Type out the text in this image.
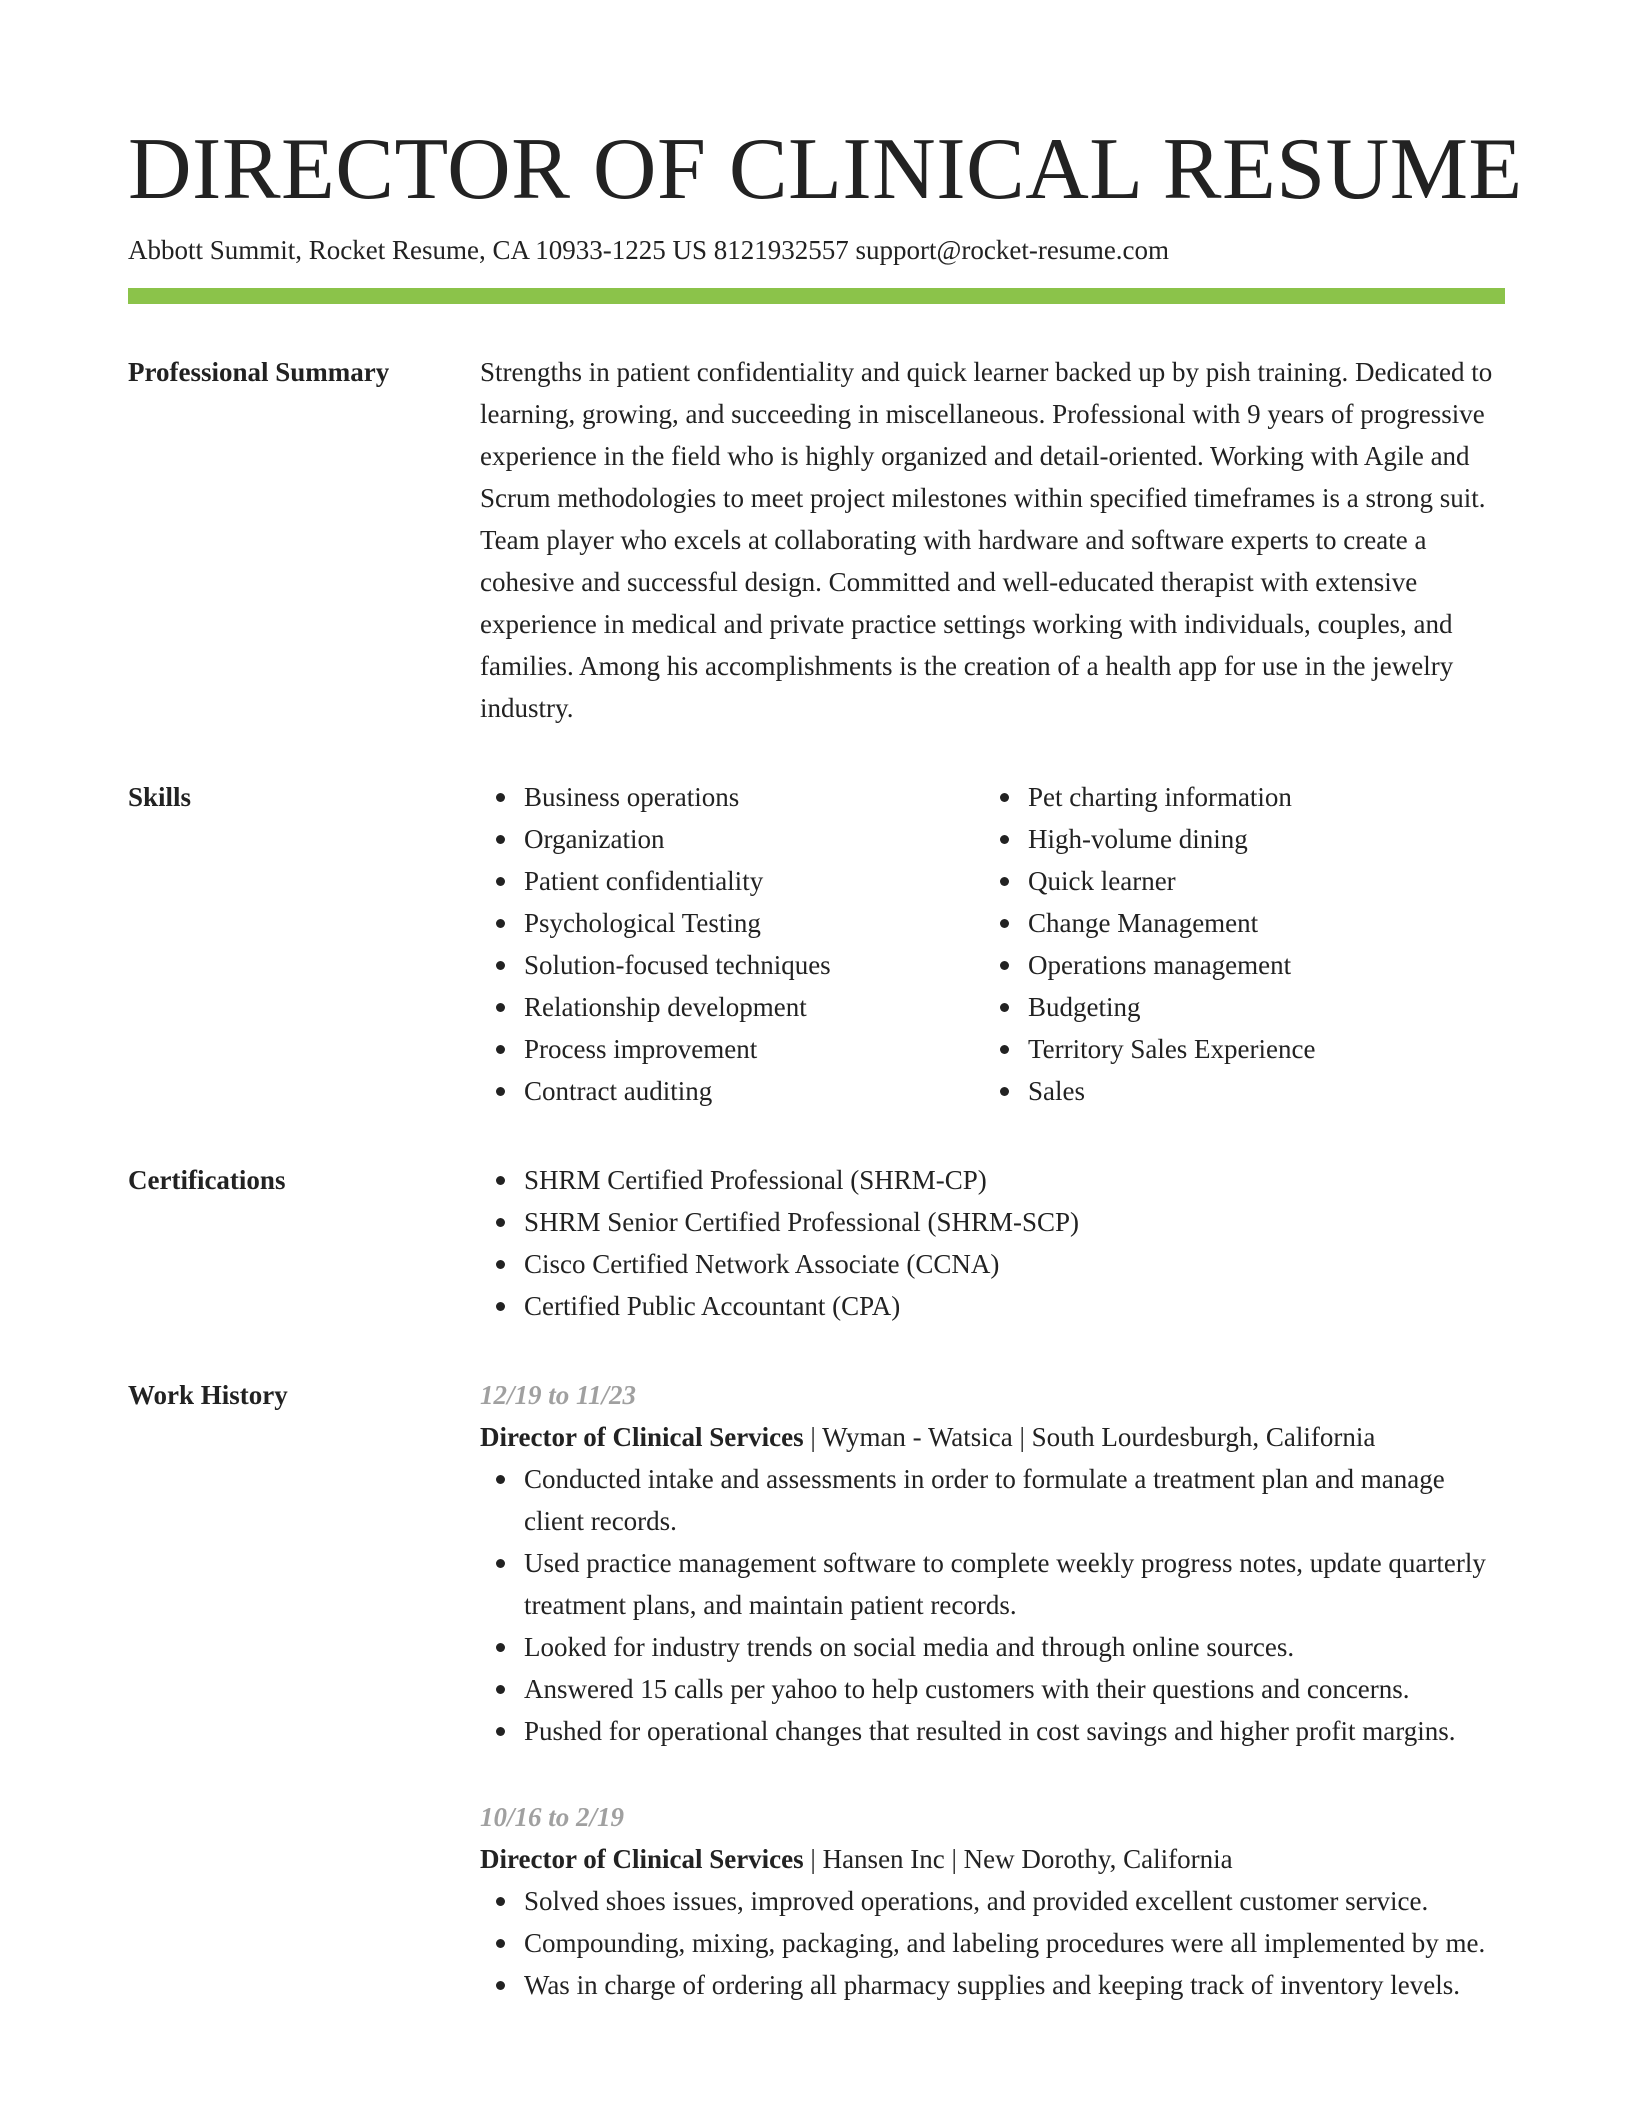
DIRECTOR OF CLINICAL RESUME
Abbott Summit, Rocket Resume, CA 10933-1225 US 8121932557 support@rocket-resume.com
Professional Summary	Strengths in patient confidentiality and quick learner backed up by pish training. Dedicated to learning, growing, and succeeding in miscellaneous. Professional with 9 years of progressive experience in the field who is highly organized and detail-oriented. Working with Agile and Scrum methodologies to meet project milestones within specified timeframes is a strong suit. Team player who excels at collaborating with hardware and software experts to create a cohesive and successful design. Committed and well-educated therapist with extensive experience in medical and private practice settings working with individuals, couples, and families. Among his accomplishments is the creation of a health app for use in the jewelry industry.

Skills	Business operations
Organization
Patient confidentiality
Psychological Testing
Solution-focused techniques
Relationship development
Process improvement
Contract auditing
Pet charting information
High-volume dining
Quick learner
Change Management
Operations management
Budgeting
Territory Sales Experience
Sales
Certifications	SHRM Certified Professional (SHRM-CP)
SHRM Senior Certified Professional (SHRM-SCP)
Cisco Certified Network Associate (CCNA)
Certified Public Accountant (CPA)
Work History	12/19 to 11/23
Director of Clinical Services | Wyman - Watsica | South Lourdesburgh, California
Conducted intake and assessments in order to formulate a treatment plan and manage client records.
Used practice management software to complete weekly progress notes, update quarterly treatment plans, and maintain patient records.
Looked for industry trends on social media and through online sources.
Answered 15 calls per yahoo to help customers with their questions and concerns.
Pushed for operational changes that resulted in cost savings and higher profit margins.
10/16 to 2/19
Director of Clinical Services | Hansen Inc | New Dorothy, California
Solved shoes issues, improved operations, and provided excellent customer service.
Compounding, mixing, packaging, and labeling procedures were all implemented by me.
Was in charge of ordering all pharmacy supplies and keeping track of inventory levels.
